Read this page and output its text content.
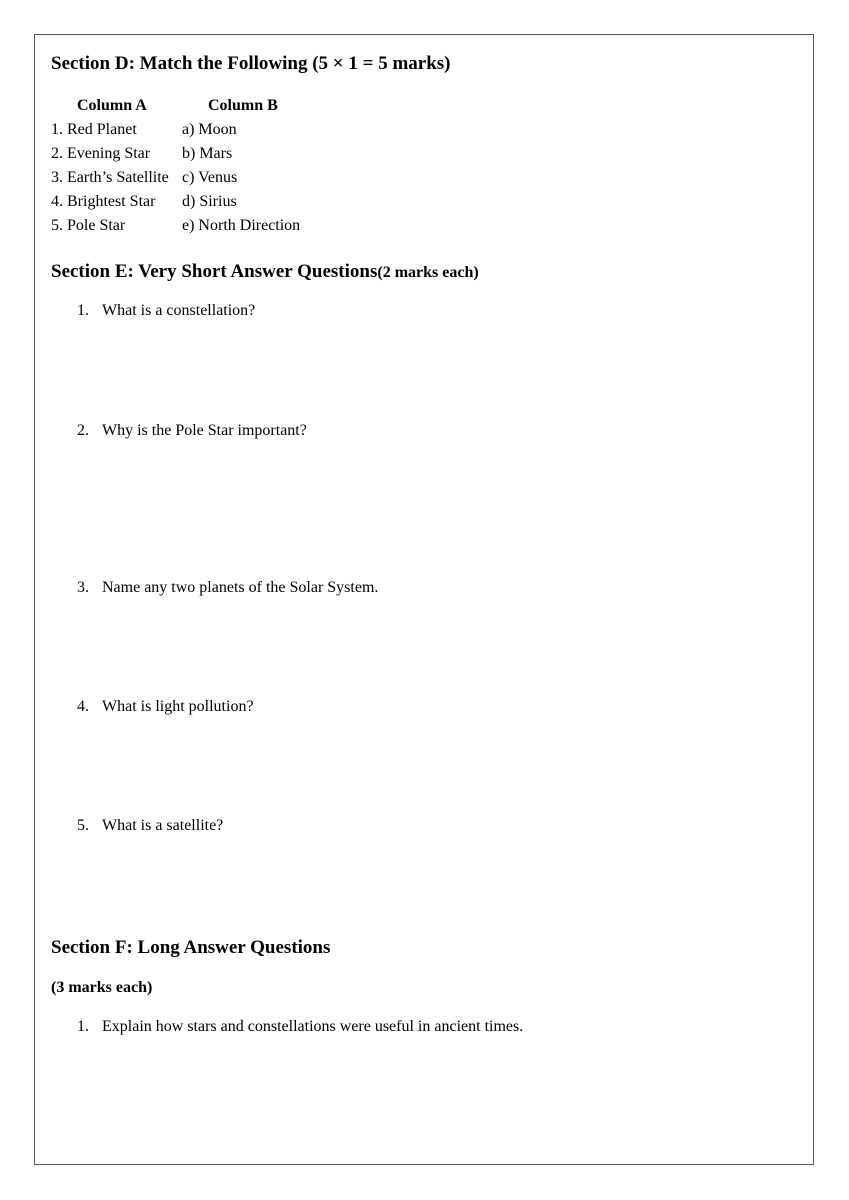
Section D: Match the Following (5 × 1 = 5 marks)
Column A	Column B
1. Red Planet
2. Evening Star
3. Earth’s Satellite
4. Brightest Star
5. Pole Star
a) Moon
b) Mars
c) Venus
d) Sirius
e) North Direction
Section E: Very Short Answer Questions(2 marks each)
1. What is a constellation?
2. Why is the Pole Star important?
3. Name any two planets of the Solar System.
4. What is light pollution?
5. What is a satellite?
Section F: Long Answer Questions
(3 marks each)
1. Explain how stars and constellations were useful in ancient times.
